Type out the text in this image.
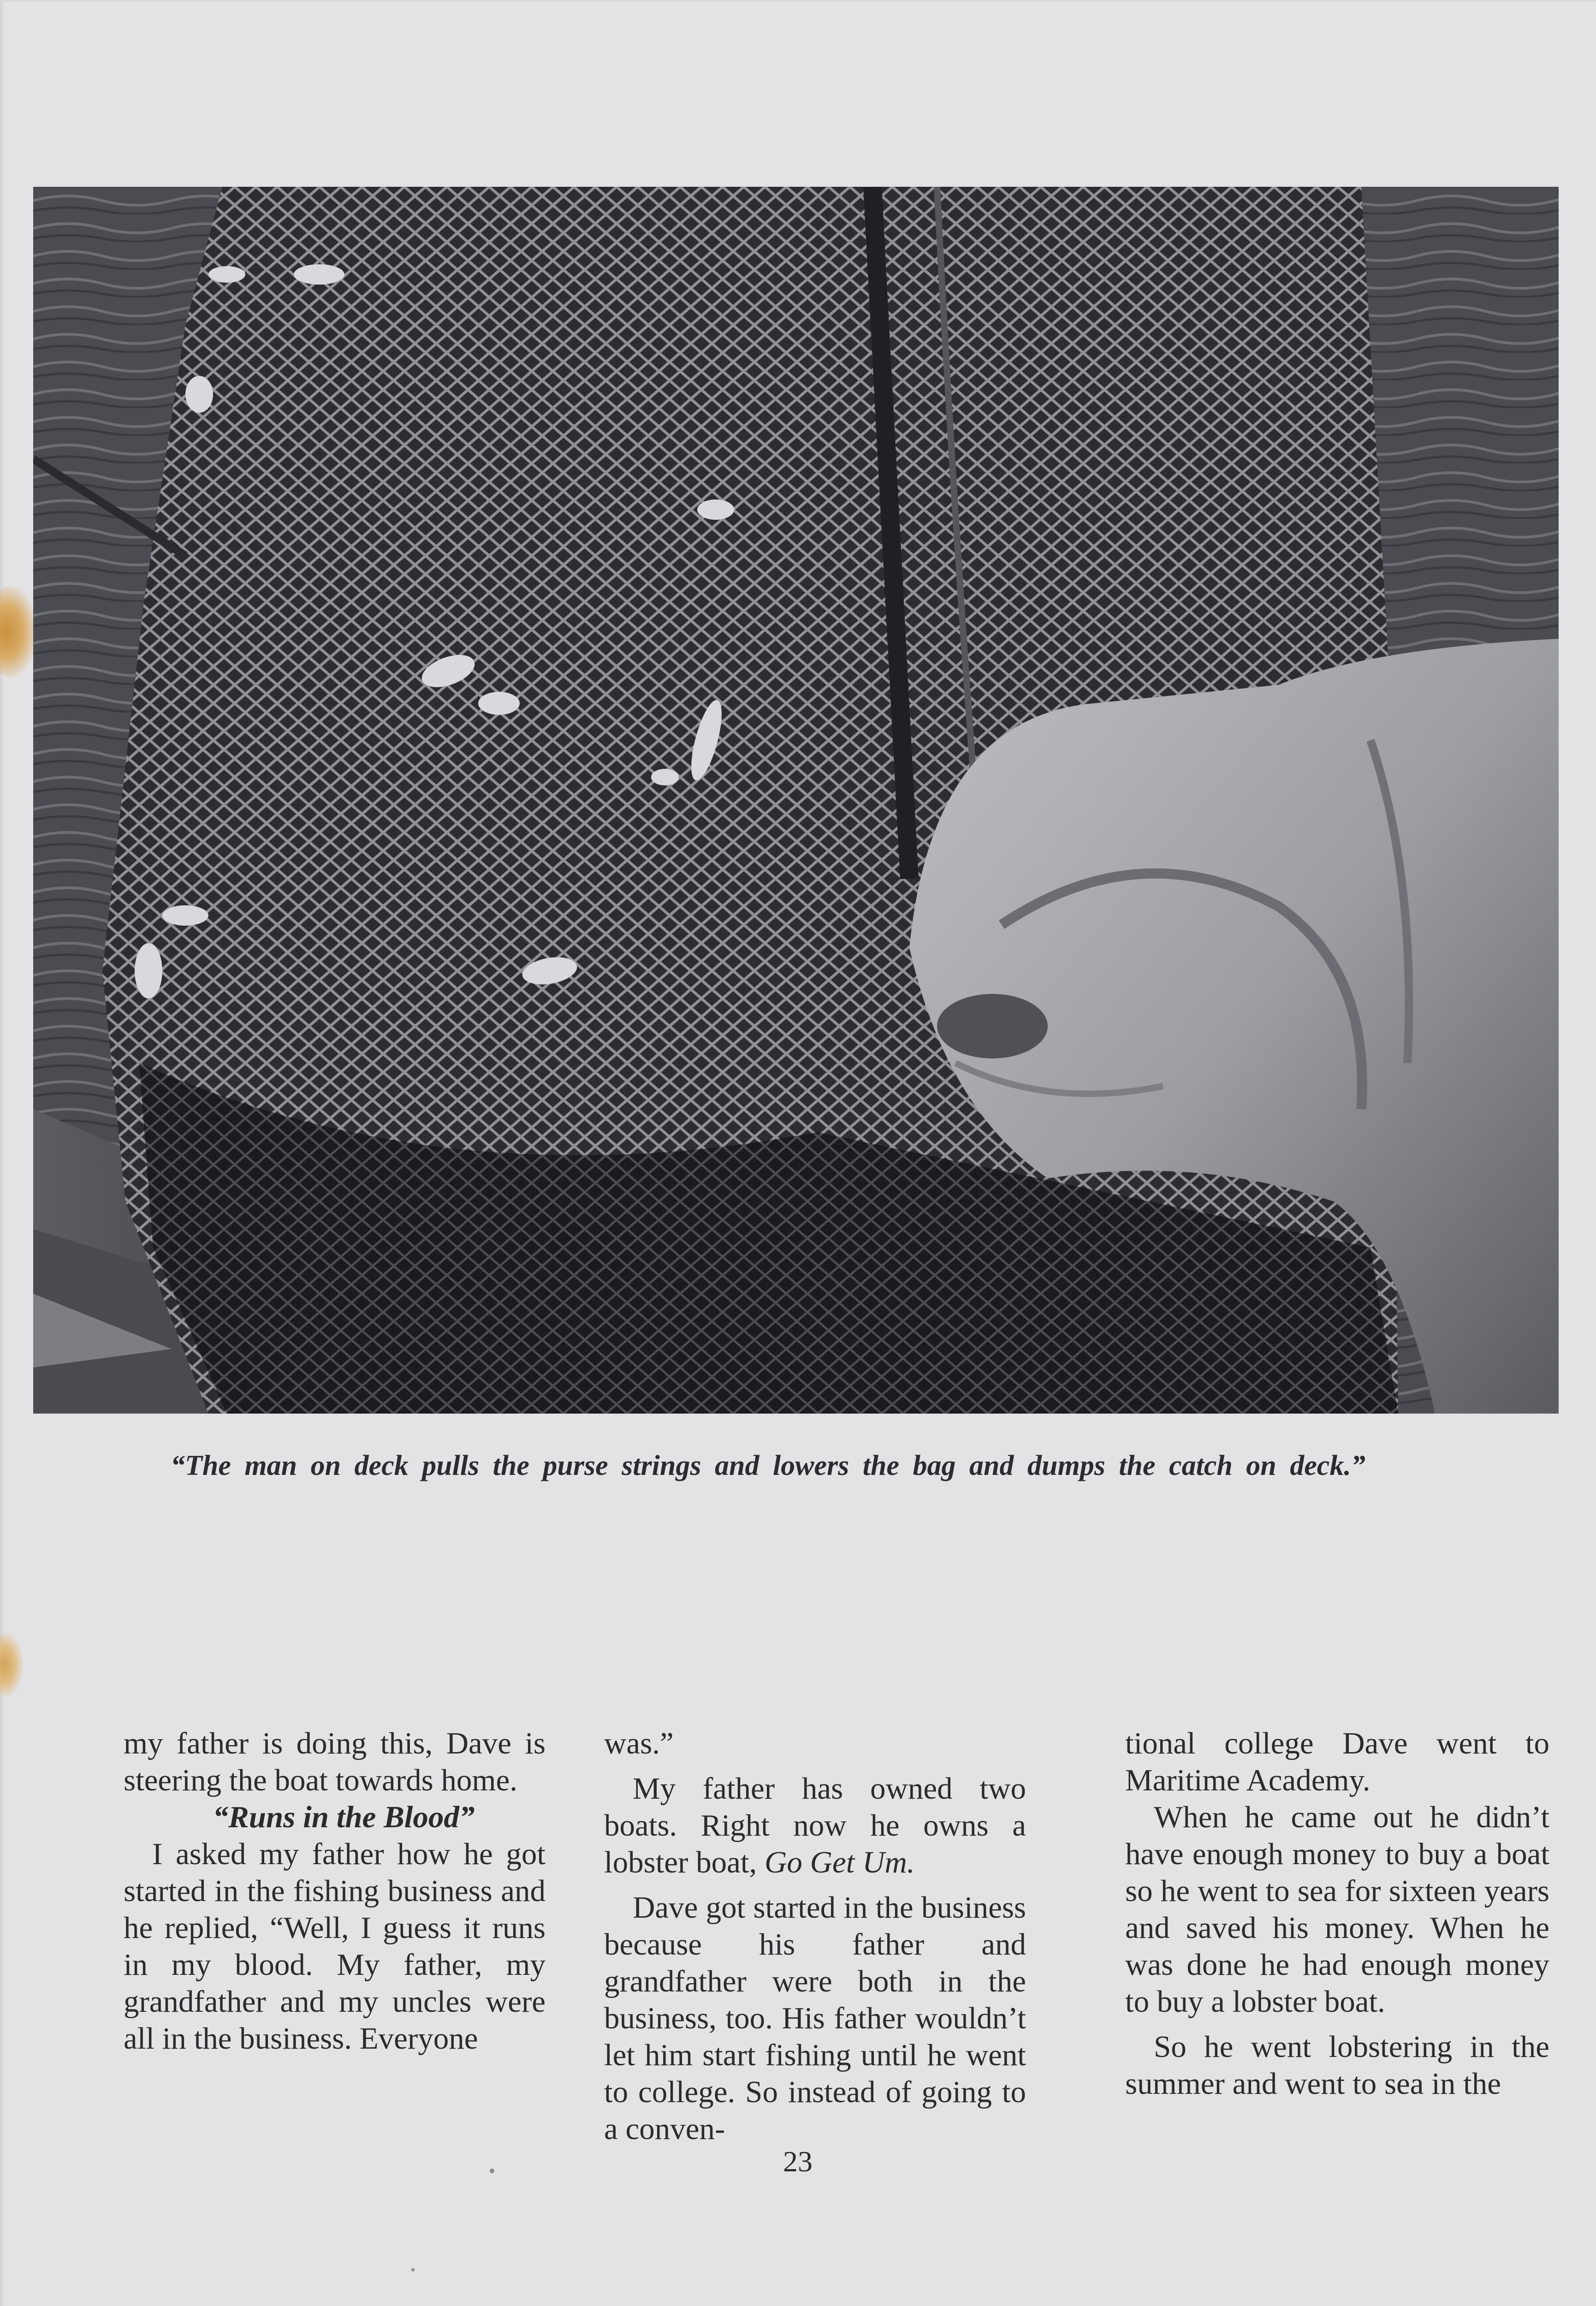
“The man on deck pulls the purse strings and lowers the bag and dumps the catch on deck.”

my father is doing this, Dave is steering the boat towards home.

“Runs in the Blood”

I asked my father how he got started in the fishing business and he replied, “Well, I guess it runs in my blood. My father, my grandfather and my uncles were all in the business. Everyone

was.”

My father has owned two boats. Right now he owns a lobster boat, Go Get Um.

Dave got started in the business because his father and grandfather were both in the business, too. His father wouldn’t let him start fishing until he went to college. So instead of going to a conven-

tional college Dave went to Maritime Academy.

When he came out he didn’t have enough money to buy a boat so he went to sea for sixteen years and saved his money. When he was done he had enough money to buy a lobster boat.

So he went lobstering in the summer and went to sea in the

23
